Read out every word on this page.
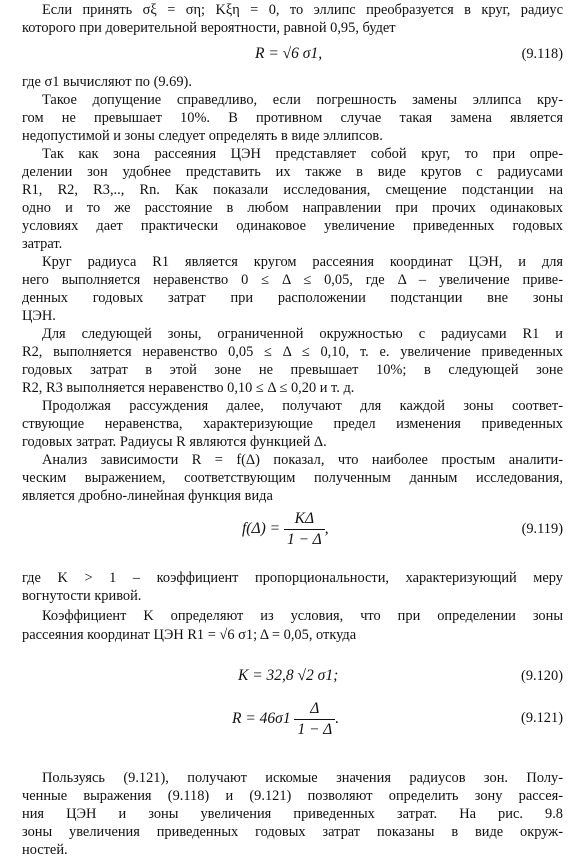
Если принять σξ = ση; Kξη = 0, то эллипс преобразуется в круг, радиус

которого при доверительной вероятности, равной 0,95, будет

R = √6 σ1,	(9.118)

где σ1 вычисляют по (9.69).

Такое допущение справедливо, если погрешность замены эллипса кру-

гом не превышает 10%. В противном случае такая замена является

недопустимой и зоны следует определять в виде эллипсов.

Так как зона рассеяния ЦЭН представляет собой круг, то при опре-

делении зон удобнее представить их также в виде кругов с радиусами

R1, R2, R3,.., Rn. Как показали исследования, смещение подстанции на

одно и то же расстояние в любом направлении при прочих одинаковых

условиях дает практически одинаковое увеличение приведенных годовых

затрат.

Круг радиуса R1 является кругом рассеяния координат ЦЭН, и для

него выполняется неравенство 0 ≤ Δ ≤ 0,05, где Δ – увеличение приве-

денных годовых затрат при расположении подстанции вне зоны

ЦЭН.

Для следующей зоны, ограниченной окружностью с радиусами R1 и

R2, выполняется неравенство 0,05 ≤ Δ ≤ 0,10, т. е. увеличение приведенных

годовых затрат в этой зоне не превышает 10%; в следующей зоне

R2, R3 выполняется неравенство 0,10 ≤ Δ ≤ 0,20 и т. д.

Продолжая рассуждения далее, получают для каждой зоны соответ-

ствующие неравенства, характеризующие предел изменения приведенных

годовых затрат. Радиусы R являются функцией Δ.

Анализ зависимости R = f(Δ) показал, что наиболее простым аналити-

ческим выражением, соответствующим полученным данным исследования,

является дробно-линейная функция вида

$f(\Delta) = \frac{K\Delta}{1 - \Delta}$ ,	(9.119)

где K > 1 – коэффициент пропорциональности, характеризующий меру

вогнутости кривой.

Коэффициент K определяют из условия, что при определении зоны

рассеяния координат ЦЭН R1 = √6 σ1; Δ = 0,05, откуда

K = 32,8 √2 σ1;	(9.120)

$R = 46\sigma 1 \frac{\Delta}{1 - \Delta}$ .	(9.121)

Пользуясь (9.121), получают искомые значения радиусов зон. Полу-

ченные выражения (9.118) и (9.121) позволяют определить зону рассея-

ния ЦЭН и зоны увеличения приведенных затрат. На рис. 9.8

зоны увеличения приведенных годовых затрат показаны в виде окруж-

ностей.
